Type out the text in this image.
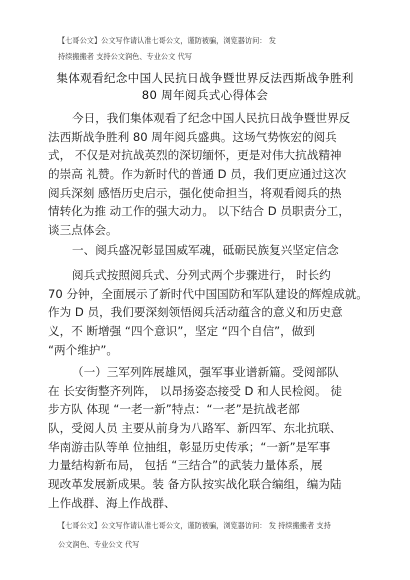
【七哥公文】公文写作请认准七哥公文，谨防被骗，浏览器访问： 发
持续搬搬者 支持公文润色、专业公文 代写
集体观看纪念中国人民抗日战争暨世界反法西斯战争胜利
80 周年阅兵式心得体会
今日，我们集体观看了纪念中国人民抗日战争暨世界反
法西斯战争胜利 80 周年阅兵盛典。这场气势恢宏的阅兵
式， 不仅是对抗战英烈的深切缅怀，更是对伟大抗战精神
的崇高 礼赞。作为新时代的普通 D 员，我们更应通过这次
阅兵深刻 感悟历史启示，强化使命担当，将观看阅兵的热
情转化为推 动工作的强大动力。 以下结合 D 员职责分工，
谈三点体会。
一、阅兵盛况彰显国威军魂，砥砺民族复兴坚定信念
阅兵式按照阅兵式、分列式两个步骤进行， 时长约
70 分钟，全面展示了新时代中国国防和军队建设的辉煌成就。
作为 D 员，我们要深刻领悟阅兵活动蕴含的意义和历史意
义，不 断增强 “四个意识”，坚定 “四个自信”，做到
“两个维护”。
（一）三军列阵展雄风，强军事业谱新篇。受阅部队
在 长安街整齐列阵， 以昂扬姿态接受 D 和人民检阅。 徒
步方队 体现 “一老一新”特点：“一老”是抗战老部
队，受阅人员 主要从前身为八路军、新四军、东北抗联、
华南游击队等单 位抽组，彰显历史传承；“一新”是军事
力量结构新布局， 包括 “三结合”的武装力量体系，展
现改革发展新成果。装 备方队按实战化联合编组，编为陆
上作战群、海上作战群、
【七哥公文】公文写作请认准七哥公文，谨防被骗，浏览器访问： 发 持续搬搬者 支持
公文润色、专业公文 代写
